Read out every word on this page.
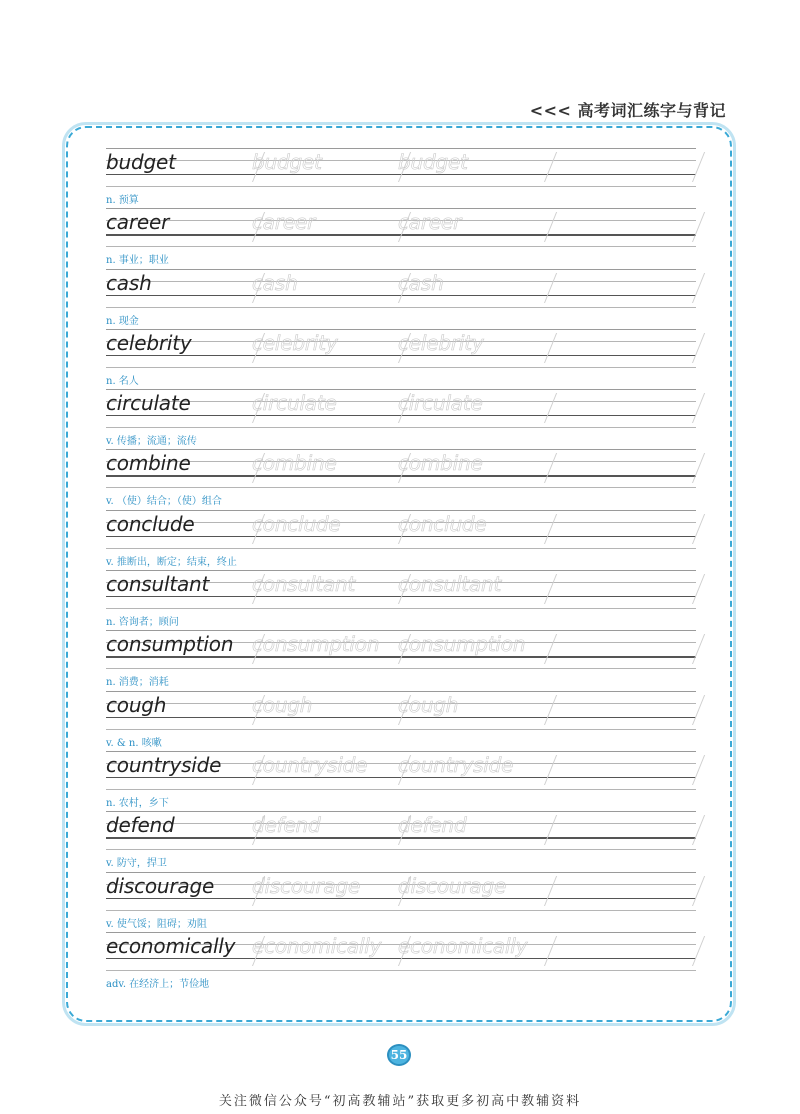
<<< 高考词汇练字与背记
budget	budget	budget
n. 预算
career	career	career
n. 事业；职业
cash	cash	cash
n. 现金
celebrity	celebrity	celebrity
n. 名人
circulate	circulate	circulate
v. 传播；流通；流传
combine	combine	combine
v. （使）结合；（使）组合
conclude	conclude	conclude
v. 推断出，断定；结束，终止
consultant consultant consultant
n. 咨询者；顾问
consumption consumption consumption
n. 消费；消耗
cough	cough	cough
v. & n. 咳嗽
countryside countryside countryside
n. 农村，乡下
defend	defend	defend
v. 防守，捍卫
discourage discourage discourage
v. 使气馁；阻碍；劝阻
economically economically economically
adv. 在经济上；节俭地
55
关注微信公众号“初高教辅站”获取更多初高中教辅资料
